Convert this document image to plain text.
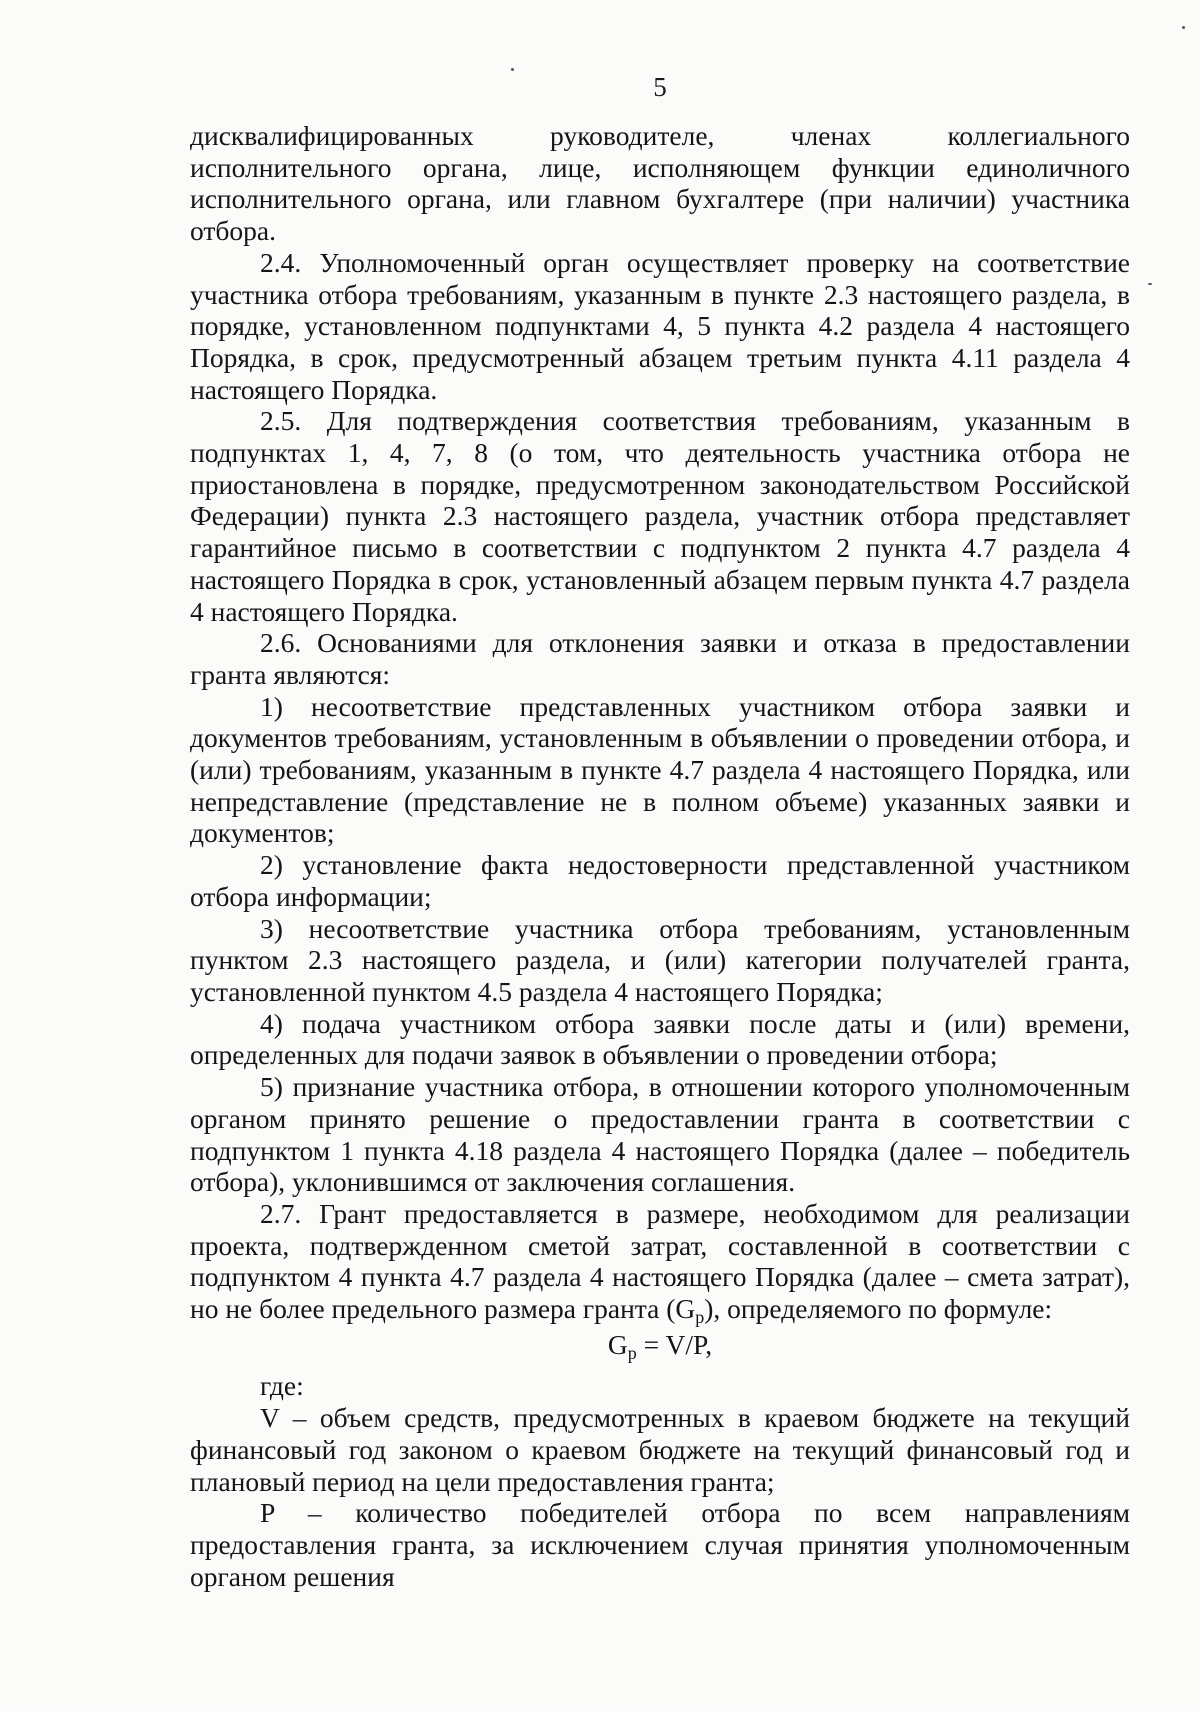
5

дисквалифицированных руководителе, членах коллегиального исполнительного органа, лице, исполняющем функции единоличного исполнительного органа, или главном бухгалтере (при наличии) участника отбора.

2.4. Уполномоченный орган осуществляет проверку на соответствие участника отбора требованиям, указанным в пункте 2.3 настоящего раздела, в порядке, установленном подпунктами 4, 5 пункта 4.2 раздела 4 настоящего Порядка, в срок, предусмотренный абзацем третьим пункта 4.11 раздела 4 настоящего Порядка.

2.5. Для подтверждения соответствия требованиям, указанным в подпунктах 1, 4, 7, 8 (о том, что деятельность участника отбора не приостановлена в порядке, предусмотренном законодательством Российской Федерации) пункта 2.3 настоящего раздела, участник отбора представляет гарантийное письмо в соответствии с подпунктом 2 пункта 4.7 раздела 4 настоящего Порядка в срок, установленный абзацем первым пункта 4.7 раздела 4 настоящего Порядка.

2.6. Основаниями для отклонения заявки и отказа в предоставлении гранта являются:

1) несоответствие представленных участником отбора заявки и документов требованиям, установленным в объявлении о проведении отбора, и (или) требованиям, указанным в пункте 4.7 раздела 4 настоящего Порядка, или непредставление (представление не в полном объеме) указанных заявки и документов;

2) установление факта недостоверности представленной участником отбора информации;

3) несоответствие участника отбора требованиям, установленным пунктом 2.3 настоящего раздела, и (или) категории получателей гранта, установленной пунктом 4.5 раздела 4 настоящего Порядка;

4) подача участником отбора заявки после даты и (или) времени, определенных для подачи заявок в объявлении о проведении отбора;

5) признание участника отбора, в отношении которого уполномоченным органом принято решение о предоставлении гранта в соответствии с подпунктом 1 пункта 4.18 раздела 4 настоящего Порядка (далее – победитель отбора), уклонившимся от заключения соглашения.

2.7. Грант предоставляется в размере, необходимом для реализации проекта, подтвержденном сметой затрат, составленной в соответствии с подпунктом 4 пункта 4.7 раздела 4 настоящего Порядка (далее – смета затрат), но не более предельного размера гранта $(G_p)$, определяемого по формуле:

$G_p = V/P$,

где:

V – объем средств, предусмотренных в краевом бюджете на текущий финансовый год законом о краевом бюджете на текущий финансовый год и плановый период на цели предоставления гранта;

P – количество победителей отбора по всем направлениям предоставления гранта, за исключением случая принятия уполномоченным органом решения
